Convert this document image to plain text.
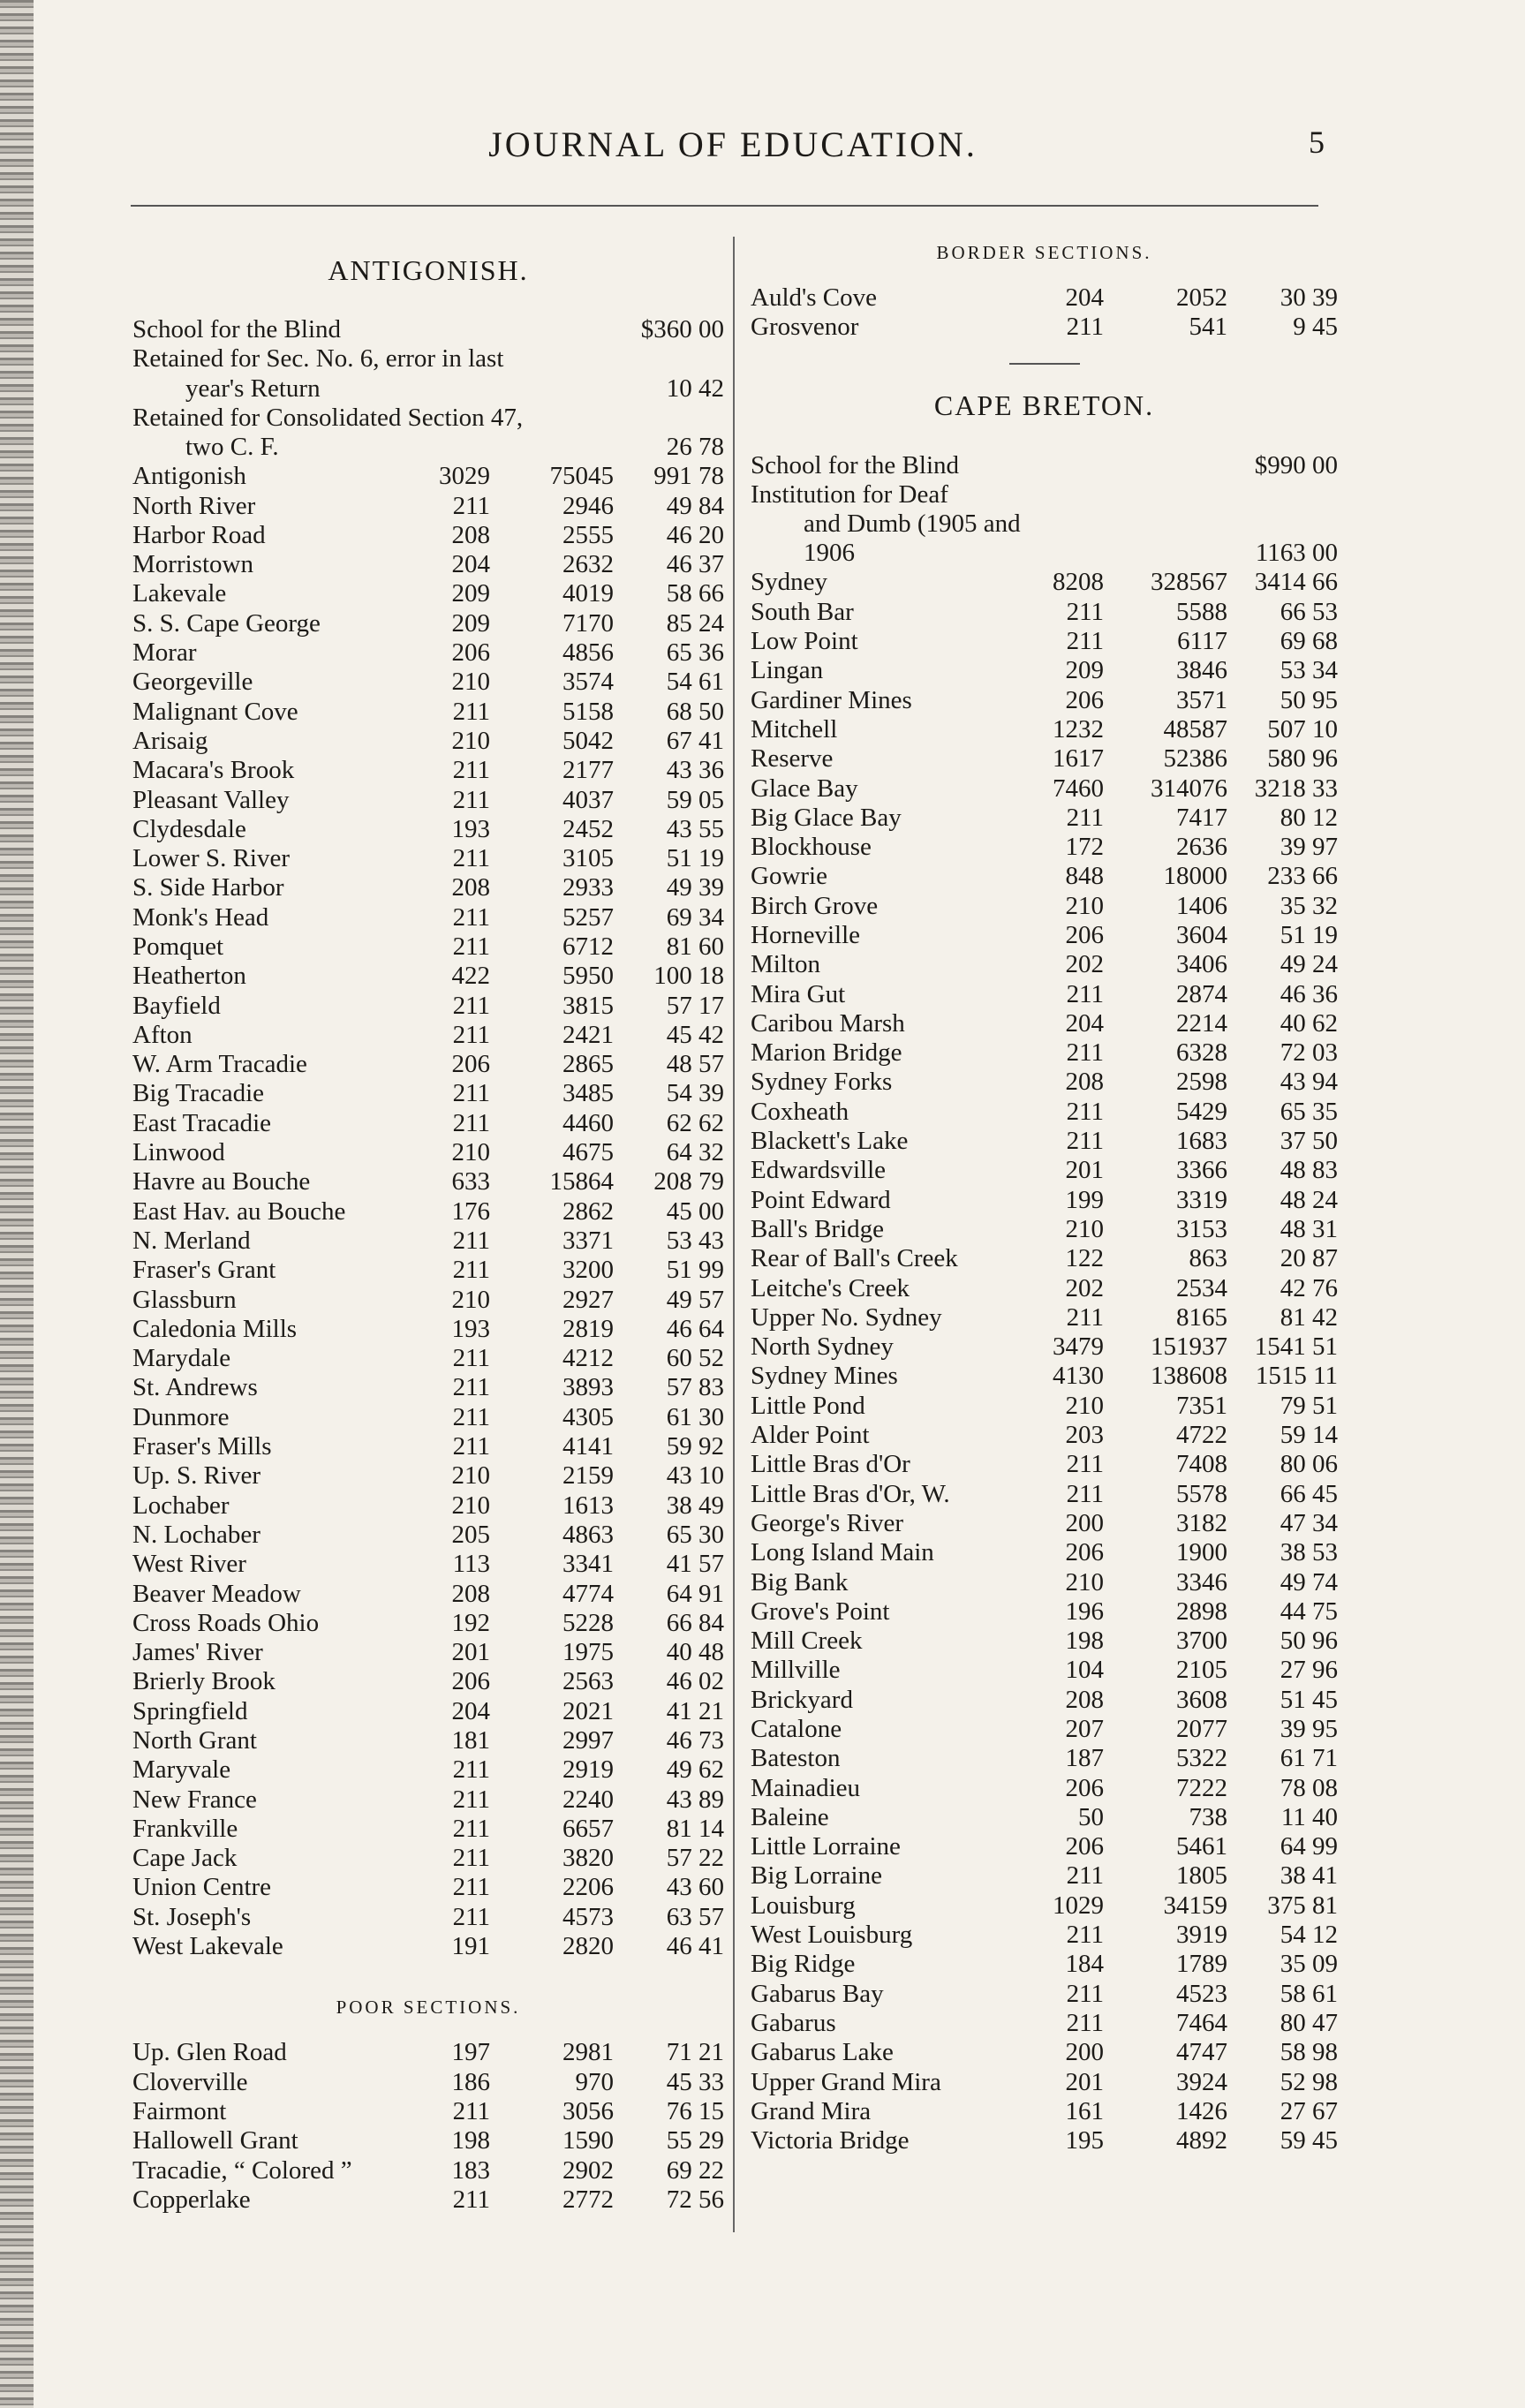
JOURNAL OF EDUCATION.	5
ANTIGONISH.
School for the Blind	$360 00
Retained for Sec. No. 6, error in last
year's Return	10 42
Retained for Consolidated Section 47,
two C. F.	26 78
Antigonish	3029	75045	991 78
North River	211	2946	49 84
Harbor Road	208	2555	46 20
Morristown	204	2632	46 37
Lakevale	209	4019	58 66
S. S. Cape George	209	7170	85 24
Morar	206	4856	65 36
Georgeville	210	3574	54 61
Malignant Cove	211	5158	68 50
Arisaig	210	5042	67 41
Macara's Brook	211	2177	43 36
Pleasant Valley	211	4037	59 05
Clydesdale	193	2452	43 55
Lower S. River	211	3105	51 19
S. Side Harbor	208	2933	49 39
Monk's Head	211	5257	69 34
Pomquet	211	6712	81 60
Heatherton	422	5950	100 18
Bayfield	211	3815	57 17
Afton	211	2421	45 42
W. Arm Tracadie	206	2865	48 57
Big Tracadie	211	3485	54 39
East Tracadie	211	4460	62 62
Linwood	210	4675	64 32
Havre au Bouche	633	15864	208 79
East Hav. au Bouche	176	2862	45 00
N. Merland	211	3371	53 43
Fraser's Grant	211	3200	51 99
Glassburn	210	2927	49 57
Caledonia Mills	193	2819	46 64
Marydale	211	4212	60 52
St. Andrews	211	3893	57 83
Dunmore	211	4305	61 30
Fraser's Mills	211	4141	59 92
Up. S. River	210	2159	43 10
Lochaber	210	1613	38 49
N. Lochaber	205	4863	65 30
West River	113	3341	41 57
Beaver Meadow	208	4774	64 91
Cross Roads Ohio	192	5228	66 84
James' River	201	1975	40 48
Brierly Brook	206	2563	46 02
Springfield	204	2021	41 21
North Grant	181	2997	46 73
Maryvale	211	2919	49 62
New France	211	2240	43 89
Frankville	211	6657	81 14
Cape Jack	211	3820	57 22
Union Centre	211	2206	43 60
St. Joseph's	211	4573	63 57
West Lakevale	191	2820	46 41
POOR SECTIONS.
Up. Glen Road	197	2981	71 21
Cloverville	186	970	45 33
Fairmont	211	3056	76 15
Hallowell Grant	198	1590	55 29
Tracadie, “ Colored ”	183	2902	69 22
Copperlake	211	2772	72 56
BORDER SECTIONS.
Auld's Cove	204	2052	30 39
Grosvenor	211	541	9 45
CAPE BRETON.
School for the Blind	$990 00
Institution for Deaf
and Dumb (1905 and
1906	1163 00
Sydney	8208	328567	3414 66
South Bar	211	5588	66 53
Low Point	211	6117	69 68
Lingan	209	3846	53 34
Gardiner Mines	206	3571	50 95
Mitchell	1232	48587	507 10
Reserve	1617	52386	580 96
Glace Bay	7460	314076	3218 33
Big Glace Bay	211	7417	80 12
Blockhouse	172	2636	39 97
Gowrie	848	18000	233 66
Birch Grove	210	1406	35 32
Horneville	206	3604	51 19
Milton	202	3406	49 24
Mira Gut	211	2874	46 36
Caribou Marsh	204	2214	40 62
Marion Bridge	211	6328	72 03
Sydney Forks	208	2598	43 94
Coxheath	211	5429	65 35
Blackett's Lake	211	1683	37 50
Edwardsville	201	3366	48 83
Point Edward	199	3319	48 24
Ball's Bridge	210	3153	48 31
Rear of Ball's Creek	122	863	20 87
Leitche's Creek	202	2534	42 76
Upper No. Sydney	211	8165	81 42
North Sydney	3479	151937	1541 51
Sydney Mines	4130	138608	1515 11
Little Pond	210	7351	79 51
Alder Point	203	4722	59 14
Little Bras d'Or	211	7408	80 06
Little Bras d'Or, W.	211	5578	66 45
George's River	200	3182	47 34
Long Island Main	206	1900	38 53
Big Bank	210	3346	49 74
Grove's Point	196	2898	44 75
Mill Creek	198	3700	50 96
Millville	104	2105	27 96
Brickyard	208	3608	51 45
Catalone	207	2077	39 95
Bateston	187	5322	61 71
Mainadieu	206	7222	78 08
Baleine	50	738	11 40
Little Lorraine	206	5461	64 99
Big Lorraine	211	1805	38 41
Louisburg	1029	34159	375 81
West Louisburg	211	3919	54 12
Big Ridge	184	1789	35 09
Gabarus Bay	211	4523	58 61
Gabarus	211	7464	80 47
Gabarus Lake	200	4747	58 98
Upper Grand Mira	201	3924	52 98
Grand Mira	161	1426	27 67
Victoria Bridge	195	4892	59 45
